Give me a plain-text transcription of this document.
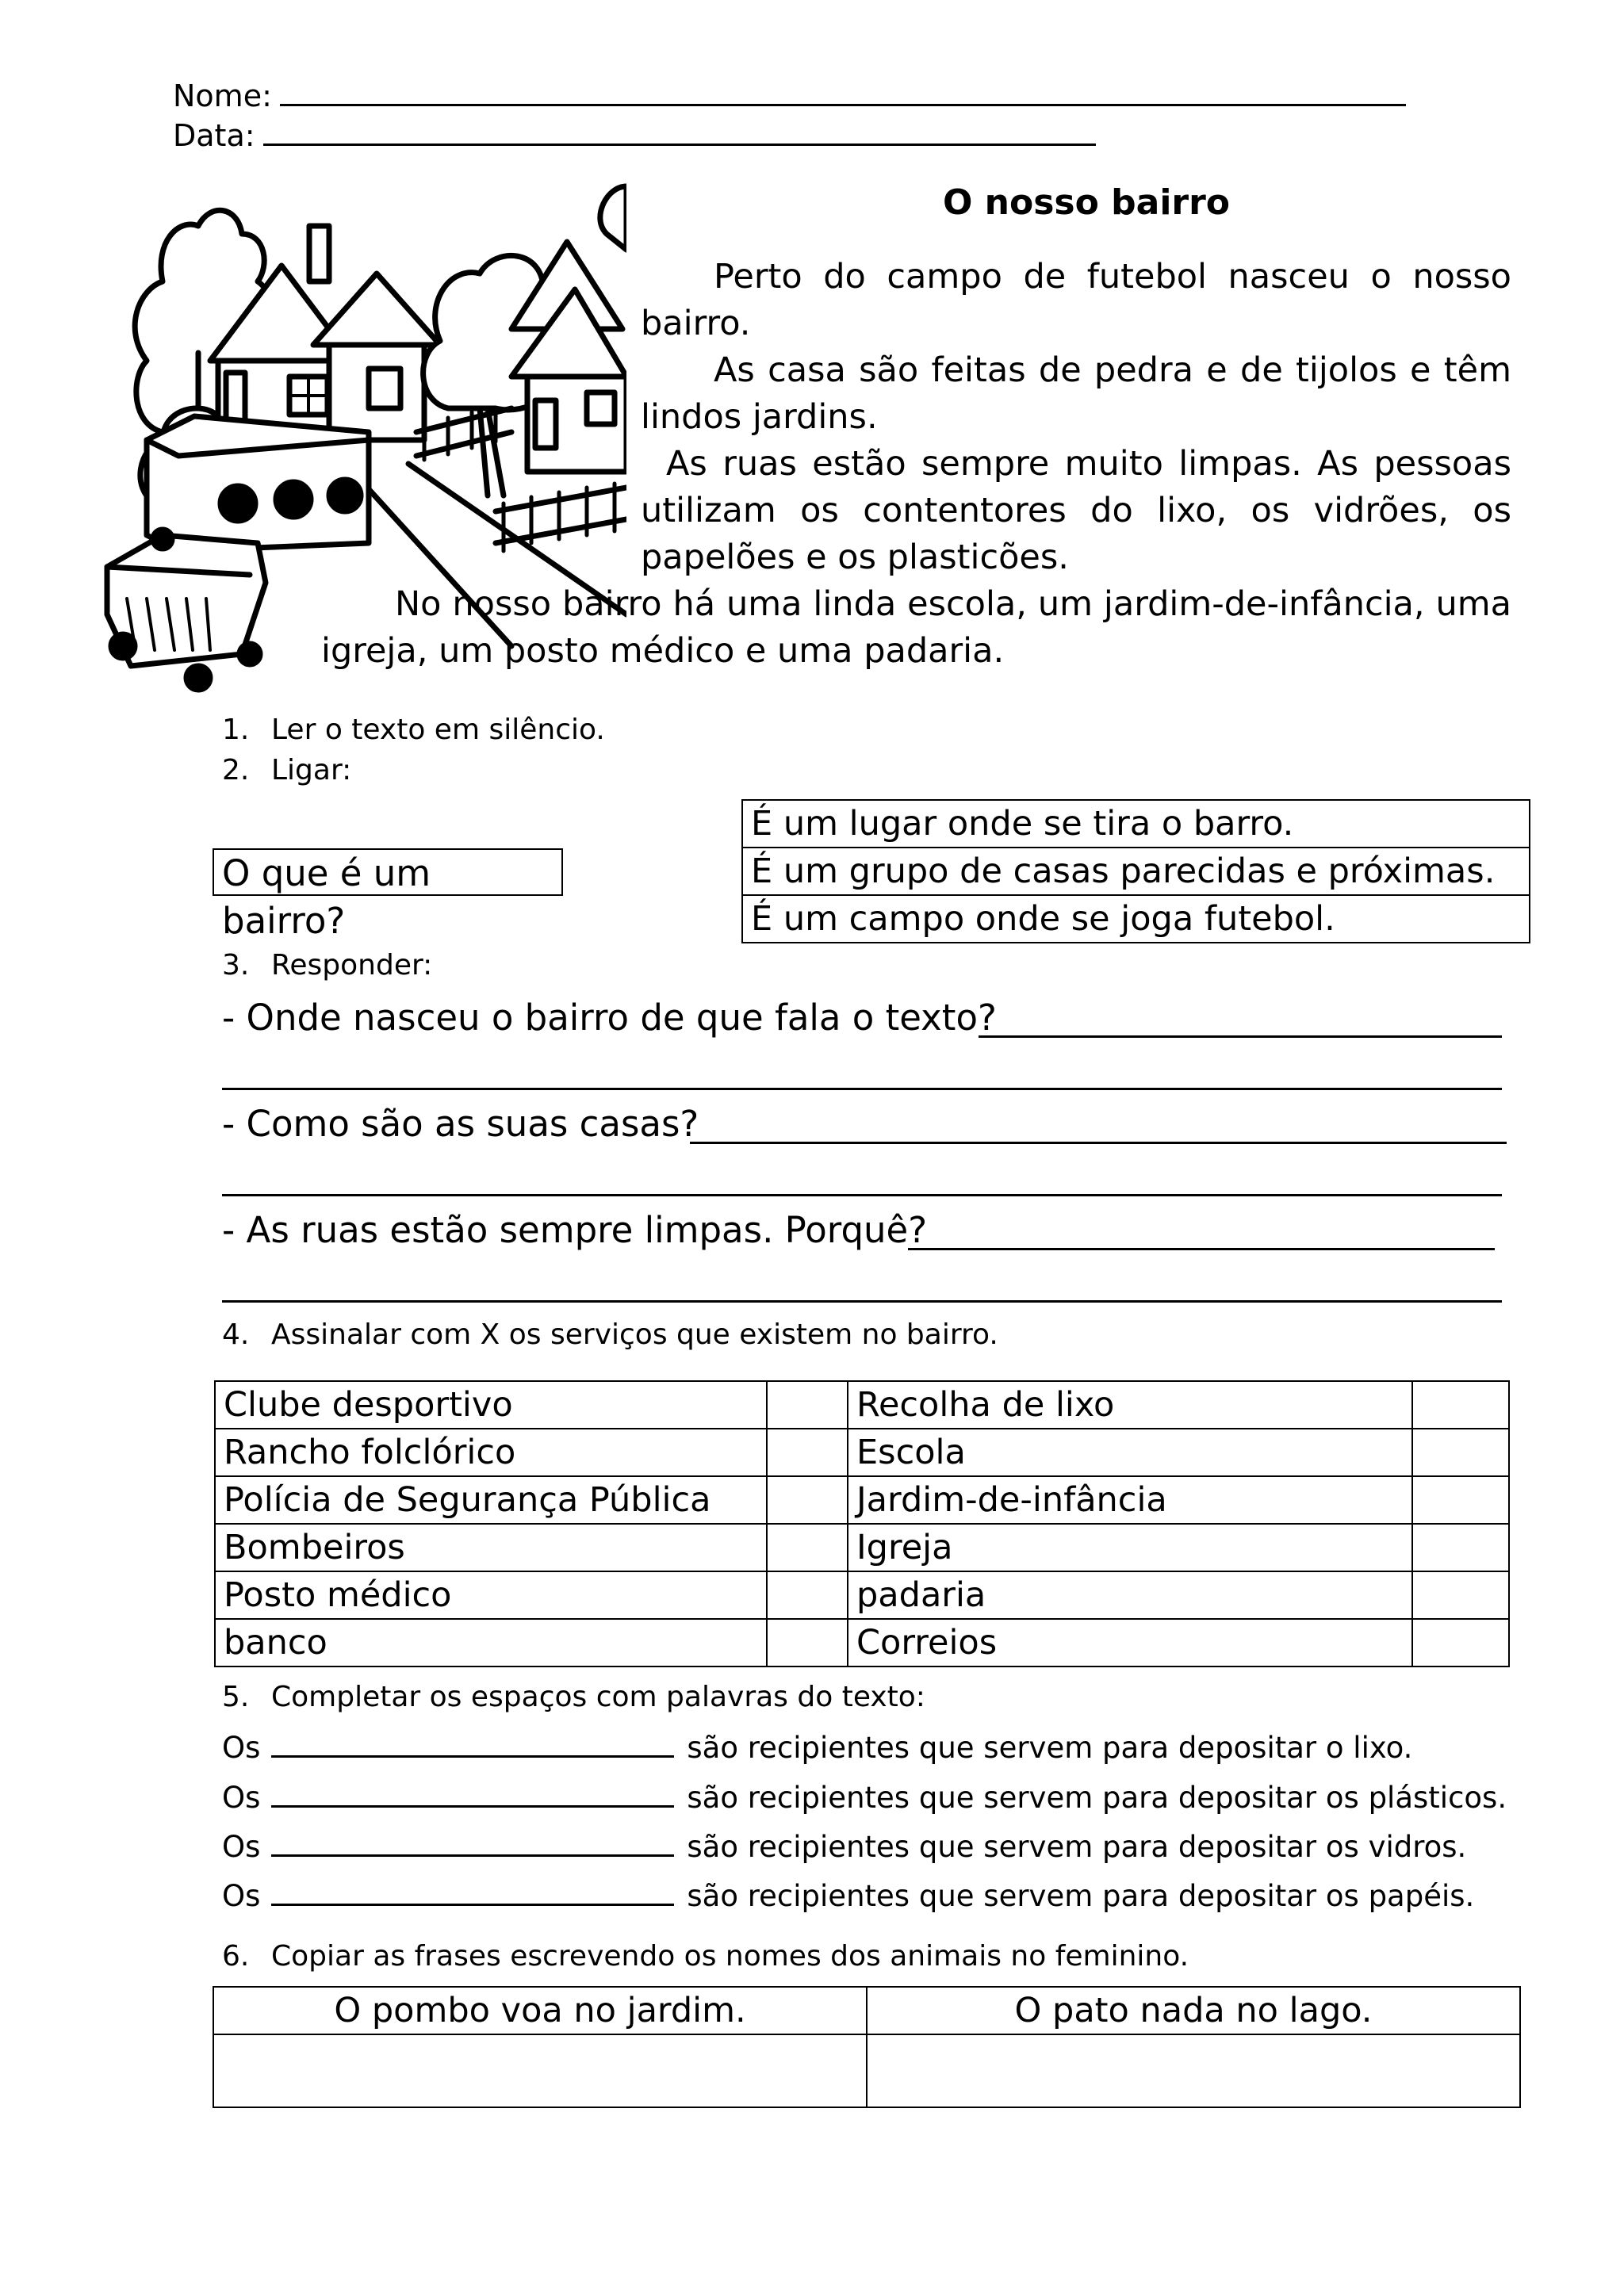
Nome:
Data:
O nosso bairro

Perto do campo de futebol nasceu o nosso bairro.

As casa são feitas de pedra e de tijolos e têm lindos jardins.

As ruas estão sempre muito limpas. As pessoas utilizam os contentores do lixo, os vidrões, os papelões e os plasticões.

No nosso bairro há uma linda escola, um jardim-de-infância, uma igreja, um posto médico e uma padaria.

1. Ler o texto em silêncio.
2. Ligar:
O que é um bairro?
É um lugar onde se tira o barro.
É um grupo de casas parecidas e próximas.
É um campo onde se joga futebol.
3. Responder:
- Onde nasceu o bairro de que fala o texto?
- Como são as suas casas?
- As ruas estão sempre limpas. Porquê?
4. Assinalar com X os serviços que existem no bairro.
Clube desportivo		Recolha de lixo	
Rancho folclórico		Escola	
Polícia de Segurança Pública		Jardim-de-infância	
Bombeiros		Igreja	
Posto médico		padaria	
banco		Correios	
5. Completar os espaços com palavras do texto:
Os	são recipientes que servem para depositar o lixo.
Os	são recipientes que servem para depositar os plásticos.
Os	são recipientes que servem para depositar os vidros.
Os	são recipientes que servem para depositar os papéis.
6. Copiar as frases escrevendo os nomes dos animais no feminino.
O pombo voa no jardim.	O pato nada no lago.
